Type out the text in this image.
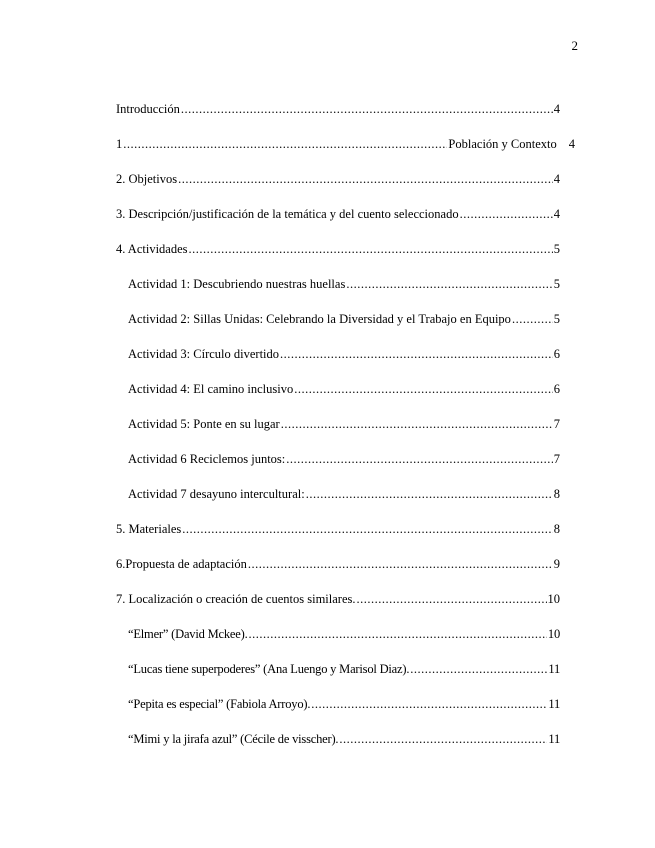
2
Introducción .....	4
1 .....	Población y Contexto 4
2. Objetivos .....	4
3. Descripción/justificación de la temática y del cuento seleccionado .....	4
4. Actividades .....	5
Actividad 1: Descubriendo nuestras huellas .....	5
Actividad 2: Sillas Unidas: Celebrando la Diversidad y el Trabajo en Equipo .....	5
Actividad 3: Círculo divertido .....	6
Actividad 4: El camino inclusivo .....	6
Actividad 5: Ponte en su lugar .....	7
Actividad 6 Reciclemos juntos: .....	7
Actividad 7 desayuno intercultural: .....	8
5. Materiales .....	8
6.Propuesta de adaptación .....	9
7. Localización o creación de cuentos similares. .....	10
“Elmer” (David Mckee). .....	10
“Lucas tiene superpoderes” (Ana Luengo y Marisol Diaz). .....	11
“Pepita es especial” (Fabiola Arroyo). .....	11
“Mimi y la jirafa azul” (Cécile de visscher). .....	11
